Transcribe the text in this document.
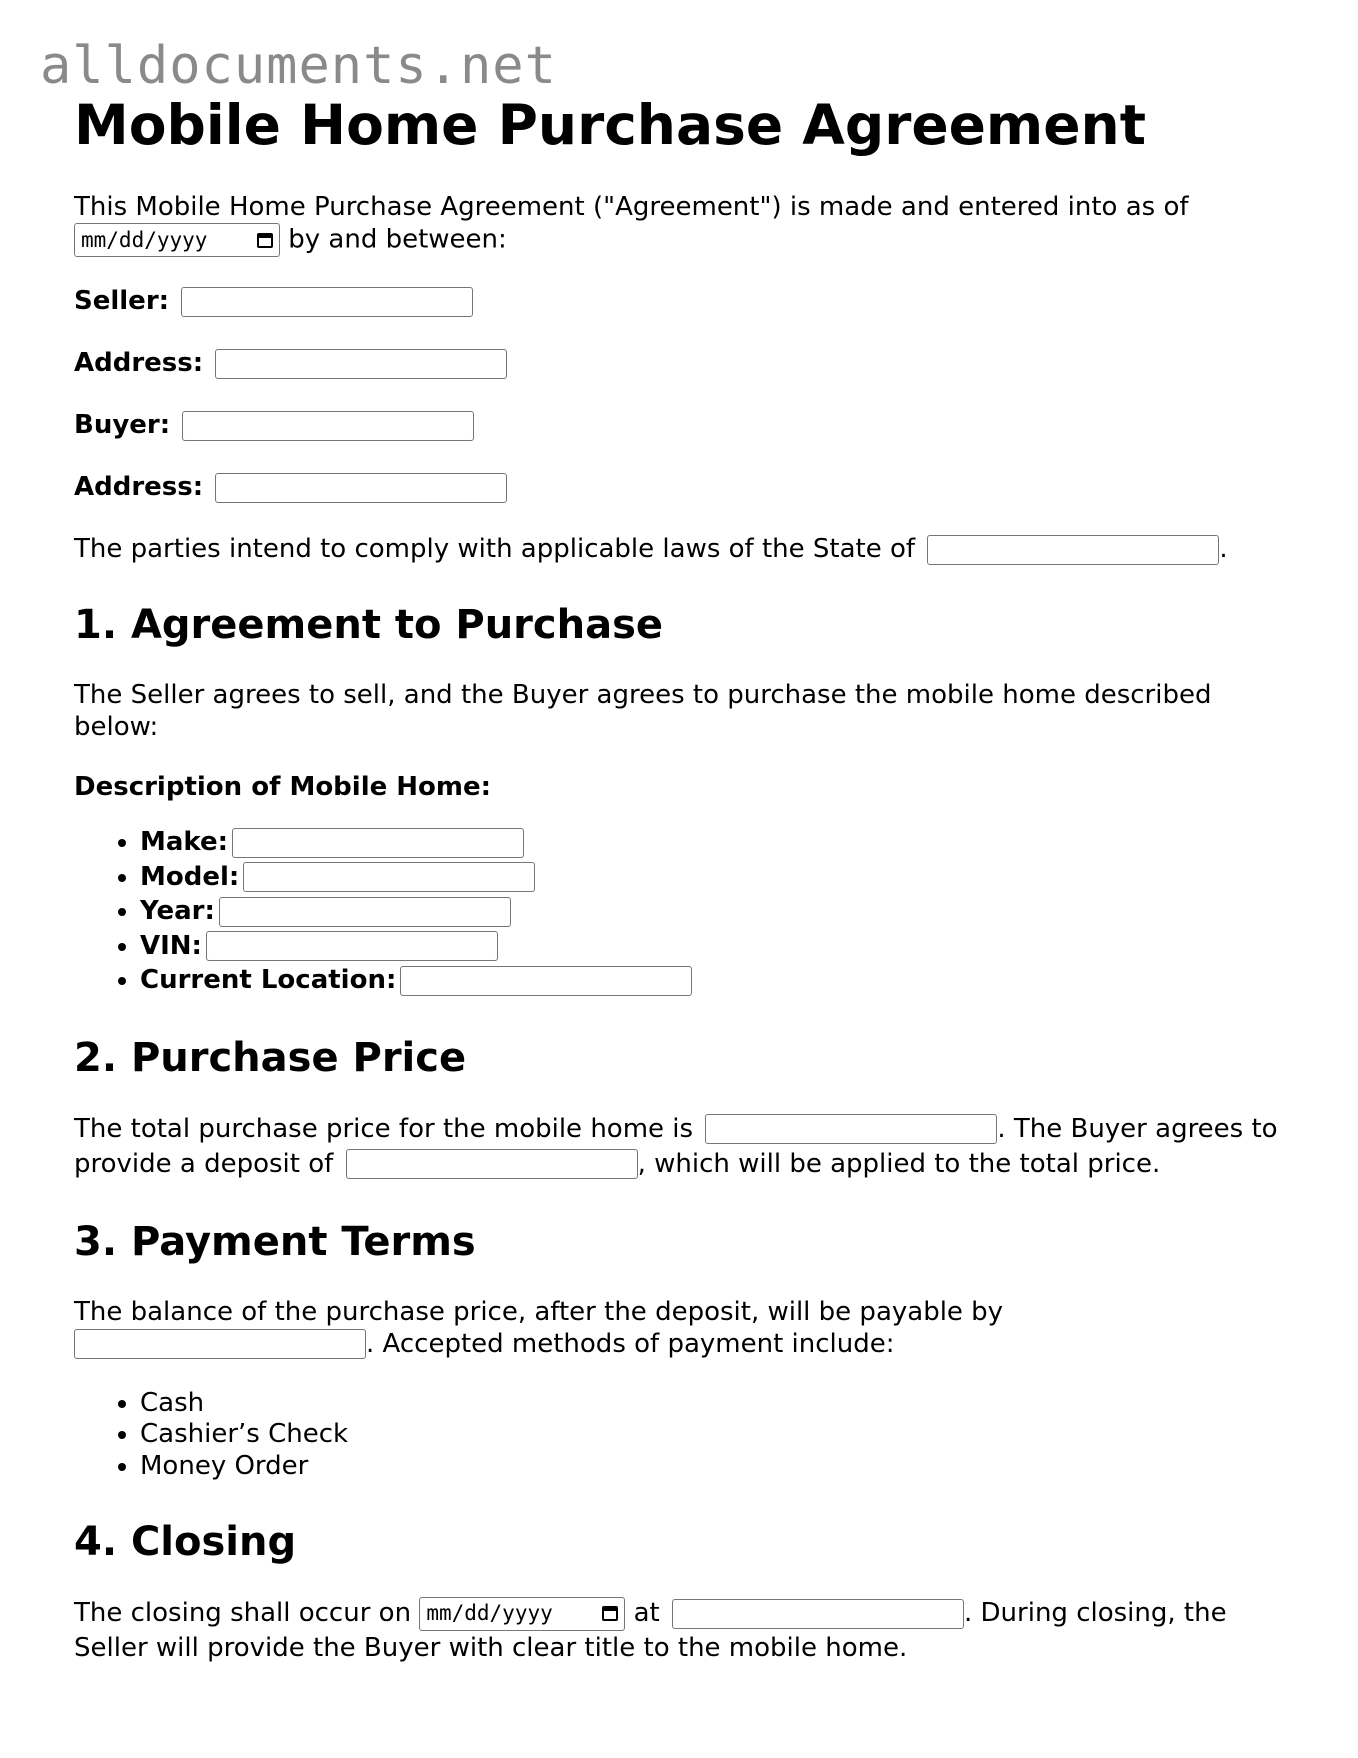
alldocuments.net
Mobile Home Purchase Agreement

This Mobile Home Purchase Agreement ("Agreement") is made and entered into as of

mm/dd/yyyy	by and between:

Seller:

Address:

Buyer:

Address:

The parties intend to comply with applicable laws of the State of	.

1. Agreement to Purchase

The Seller agrees to sell, and the Buyer agrees to purchase the mobile home described below:

Description of Mobile Home:

• Make:
• Model:
• Year:
• VIN:
• Current Location:
2. Purchase Price

The total purchase price for the mobile home is	. The Buyer agrees to provide a deposit of	, which will be applied to the total price.

3. Payment Terms

The balance of the purchase price, after the deposit, will be payable by
. Accepted methods of payment include:

• Cash
• Cashier’s Check
• Money Order
4. Closing

The closing shall occur on mm/dd/yyyy	at	. During closing, the Seller will provide the Buyer with clear title to the mobile home.
